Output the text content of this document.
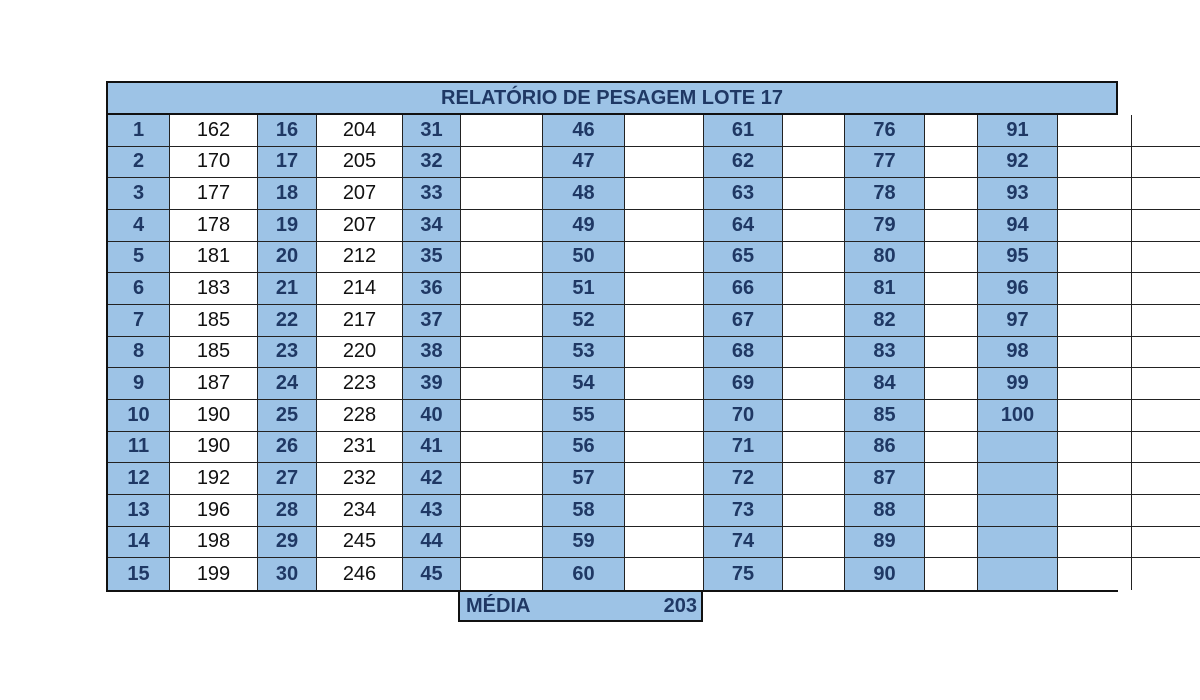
RELATÓRIO DE PESAGEM LOTE 17
1	162	16	204	31	46	61	76	91
2	170	17	205	32	47	62	77	92
3	177	18	207	33	48	63	78	93
4	178	19	207	34	49	64	79	94
5	181	20	212	35	50	65	80	95
6	183	21	214	36	51	66	81	96
7	185	22	217	37	52	67	82	97
8	185	23	220	38	53	68	83	98
9	187	24	223	39	54	69	84	99
10	190	25	228	40	55	70	85	100
11	190	26	231	41	56	71	86
12	192	27	232	42	57	72	87
13	196	28	234	43	58	73	88
14	198	29	245	44	59	74	89
15	199	30	246	45	60	75	90
MÉDIA	203
